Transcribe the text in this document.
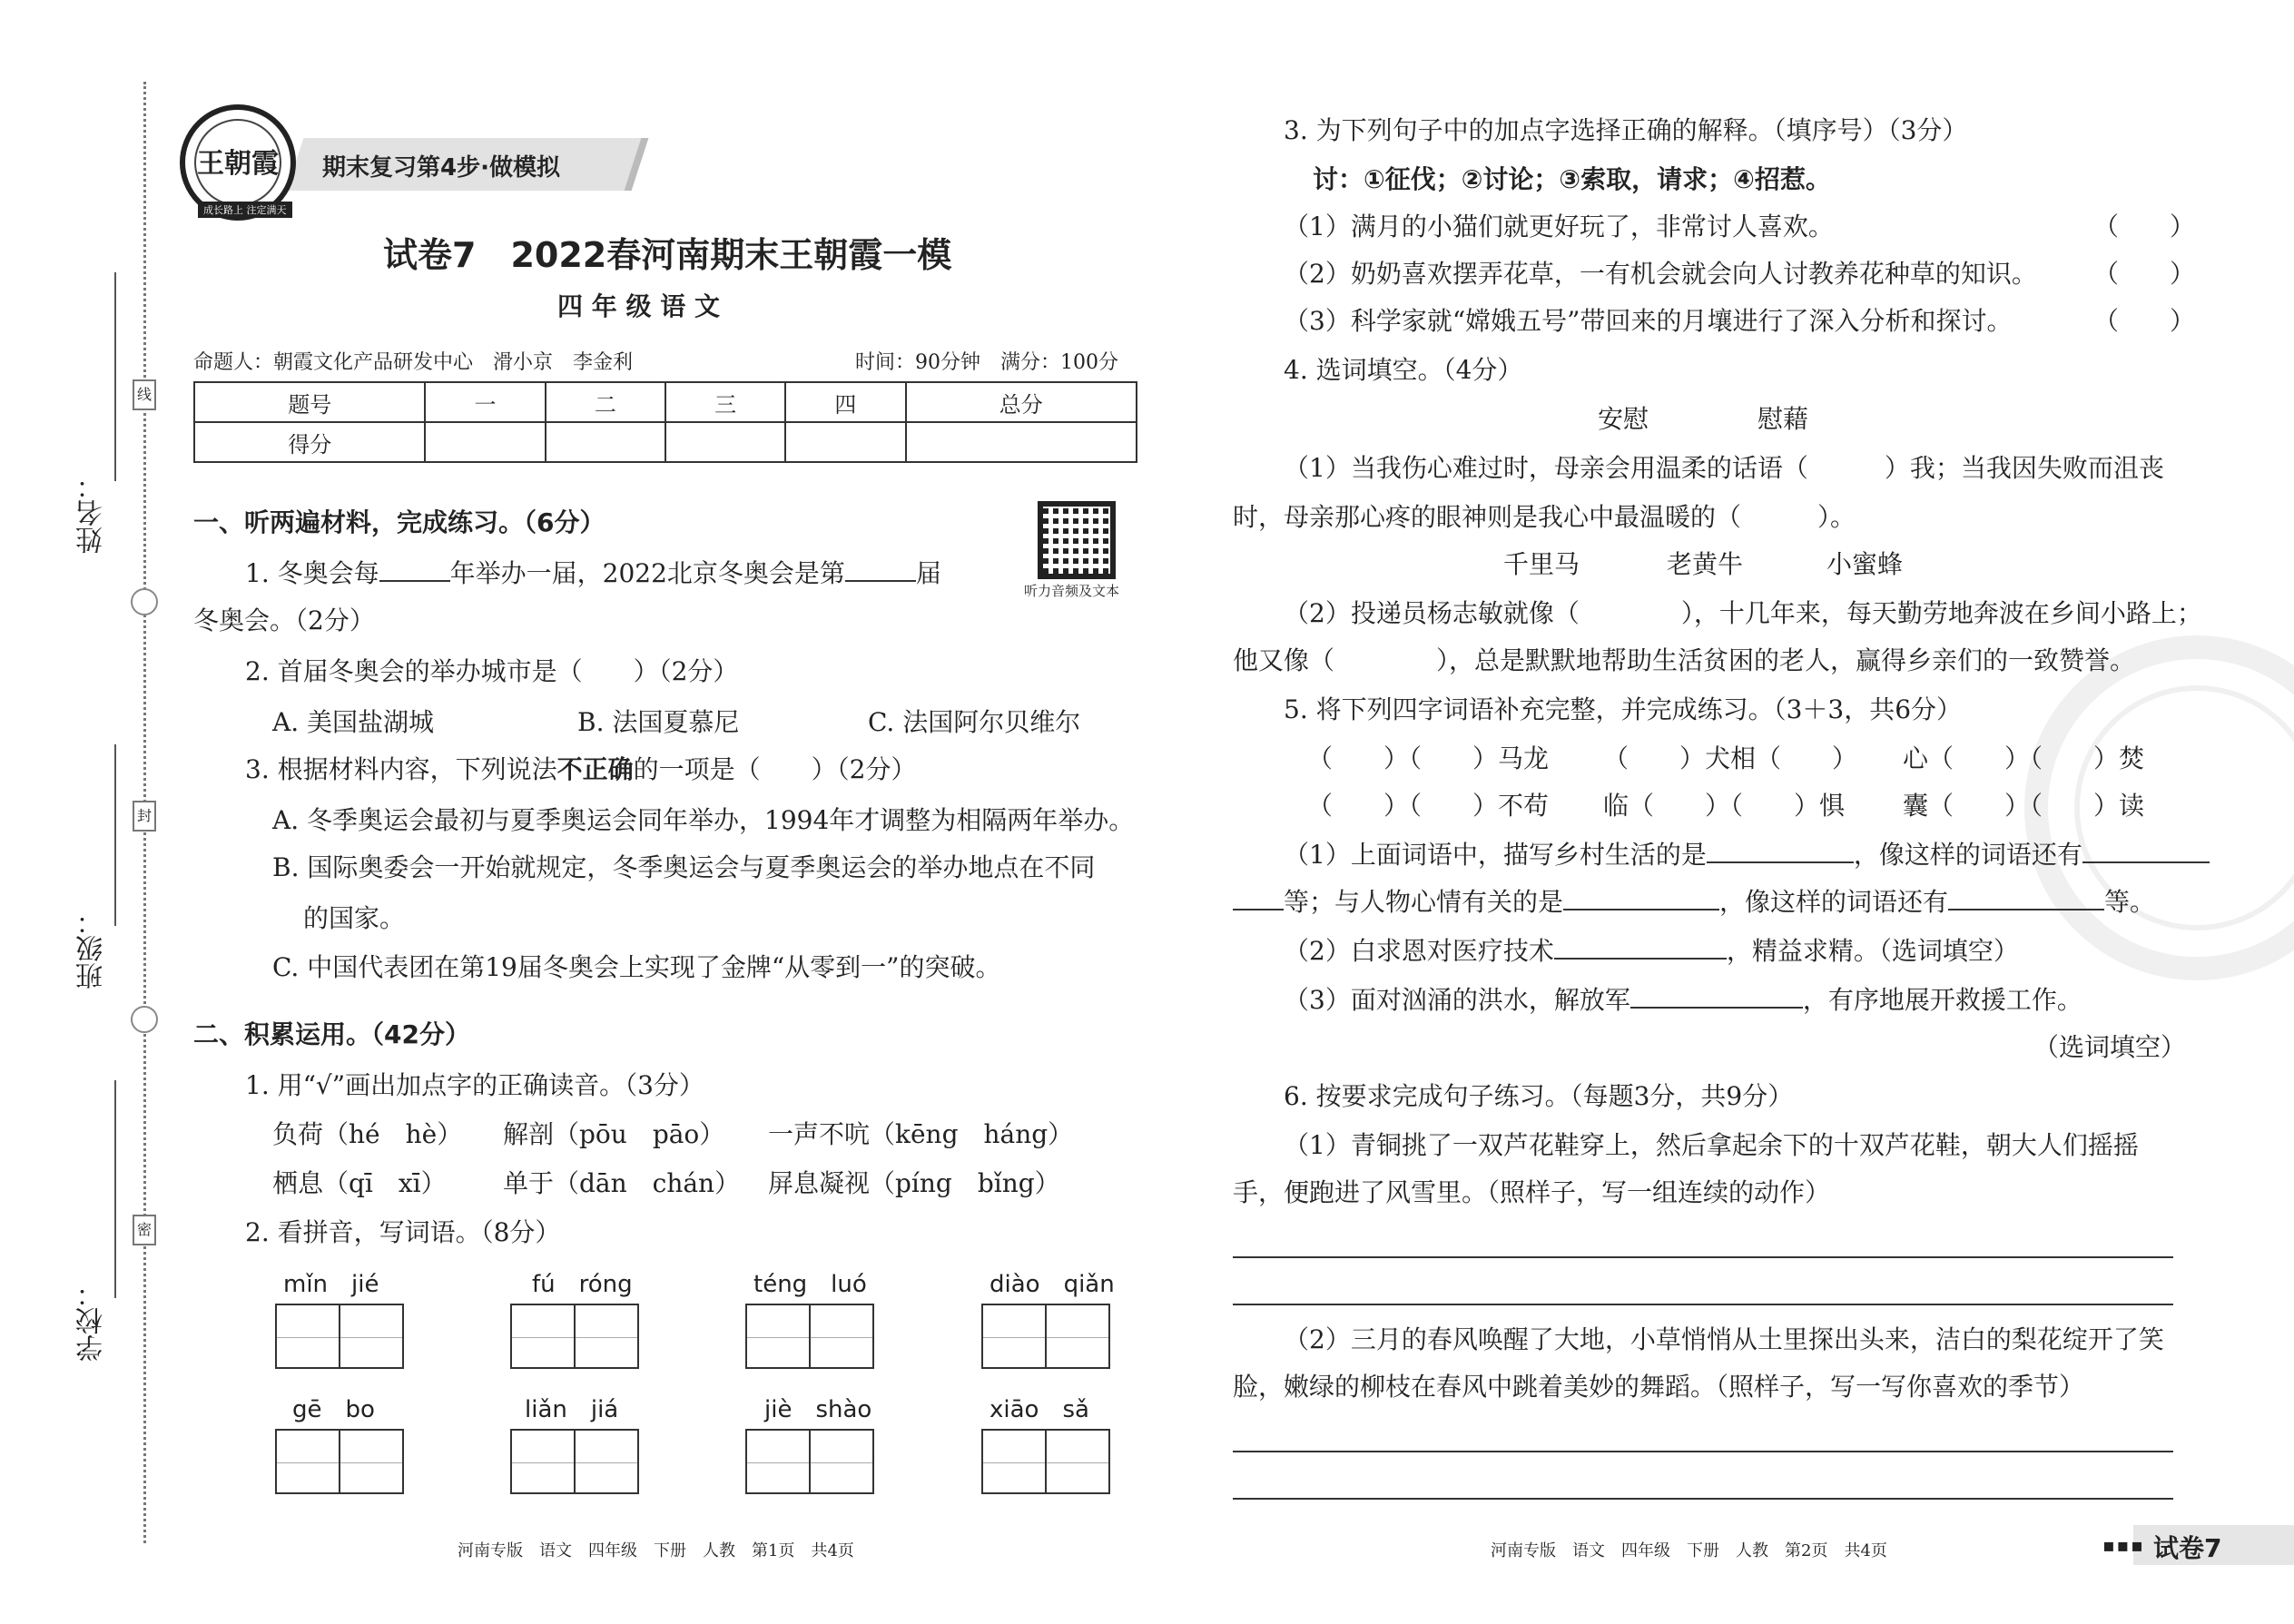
姓名：
线
班级：
封
学校：
密
期末复习第4步·做模拟
王朝霞
成长路上 注定满天
试卷7　2022春河南期末王朝霞一模
四 年 级 语 文
命题人：朝霞文化产品研发中心　滑小京　李金利	时间：90分钟　满分：100分
题号	一	二	三	四	总分
得分					
一、听两遍材料，完成练习。（6分）
听力音频及文本
1. 冬奥会每	年举办一届，2022北京冬奥会是第	届
冬奥会。（2分）
2. 首届冬奥会的举办城市是（　　）（2分）
A. 美国盐湖城	B. 法国夏慕尼	C. 法国阿尔贝维尔
3. 根据材料内容，下列说法不正确的一项是（　　）（2分）
A. 冬季奥运会最初与夏季奥运会同年举办，1994年才调整为相隔两年举办。
B. 国际奥委会一开始就规定，冬季奥运会与夏季奥运会的举办地点在不同
的国家。
C. 中国代表团在第19届冬奥会上实现了金牌“从零到一”的突破。
二、积累运用。（42分）
1. 用“√”画出加点字的正确读音。（3分）
负荷（hé　hè） 解剖（pōu　pāo） 一声不吭（kēng　háng）
栖息（qī　xī） 单于（dān　chán） 屏息凝视（píng　bǐng）
2. 看拼音，写词语。（8分）
mǐn　jié	fú　róng	téng　luó	diào　qiǎn
gē　bo	liǎn　jiá	jiè　shào	xiāo　sǎ
河南专版　语文　四年级　下册　人教　第1页　共4页
3. 为下列句子中的加点字选择正确的解释。（填序号）（3分）
讨：①征伐；②讨论；③索取，请求；④招惹。
（1）满月的小猫们就更好玩了，非常讨人喜欢。	（　　）
（2）奶奶喜欢摆弄花草，一有机会就会向人讨教养花种草的知识。 （　　）
（3）科学家就“嫦娥五号”带回来的月壤进行了深入分析和探讨。	（　　）
4. 选词填空。（4分）
安慰	慰藉
（1）当我伤心难过时，母亲会用温柔的话语（　　　）我；当我因失败而沮丧
时，母亲那心疼的眼神则是我心中最温暖的（　　　）。
千里马	老黄牛	小蜜蜂
（2）投递员杨志敏就像（　　　　），十几年来，每天勤劳地奔波在乡间小路上；
他又像（　　　　），总是默默地帮助生活贫困的老人，赢得乡亲们的一致赞誉。
5. 将下列四字词语补充完整，并完成练习。（3＋3，共6分）
（　　）（　　）马龙 （　　）犬相（　　） 心（　　）（　　）焚
（　　）（　　）不苟 临（　　）（　　）惧 囊（　　）（　　）读
（1）上面词语中，描写乡村生活的是	，像这样的词语还有
等；与人物心情有关的是	，像这样的词语还有	等。
（2）白求恩对医疗技术	，精益求精。（选词填空）
（3）面对汹涌的洪水，解放军	，有序地展开救援工作。
（选词填空）
6. 按要求完成句子练习。（每题3分，共9分）
（1）青铜挑了一双芦花鞋穿上，然后拿起余下的十双芦花鞋，朝大人们摇摇
手，便跑进了风雪里。（照样子，写一组连续的动作）
（2）三月的春风唤醒了大地，小草悄悄从土里探出头来，洁白的梨花绽开了笑
脸，嫩绿的柳枝在春风中跳着美妙的舞蹈。（照样子，写一写你喜欢的季节）
河南专版　语文　四年级　下册　人教　第2页　共4页	▪▪▪ 试卷7
